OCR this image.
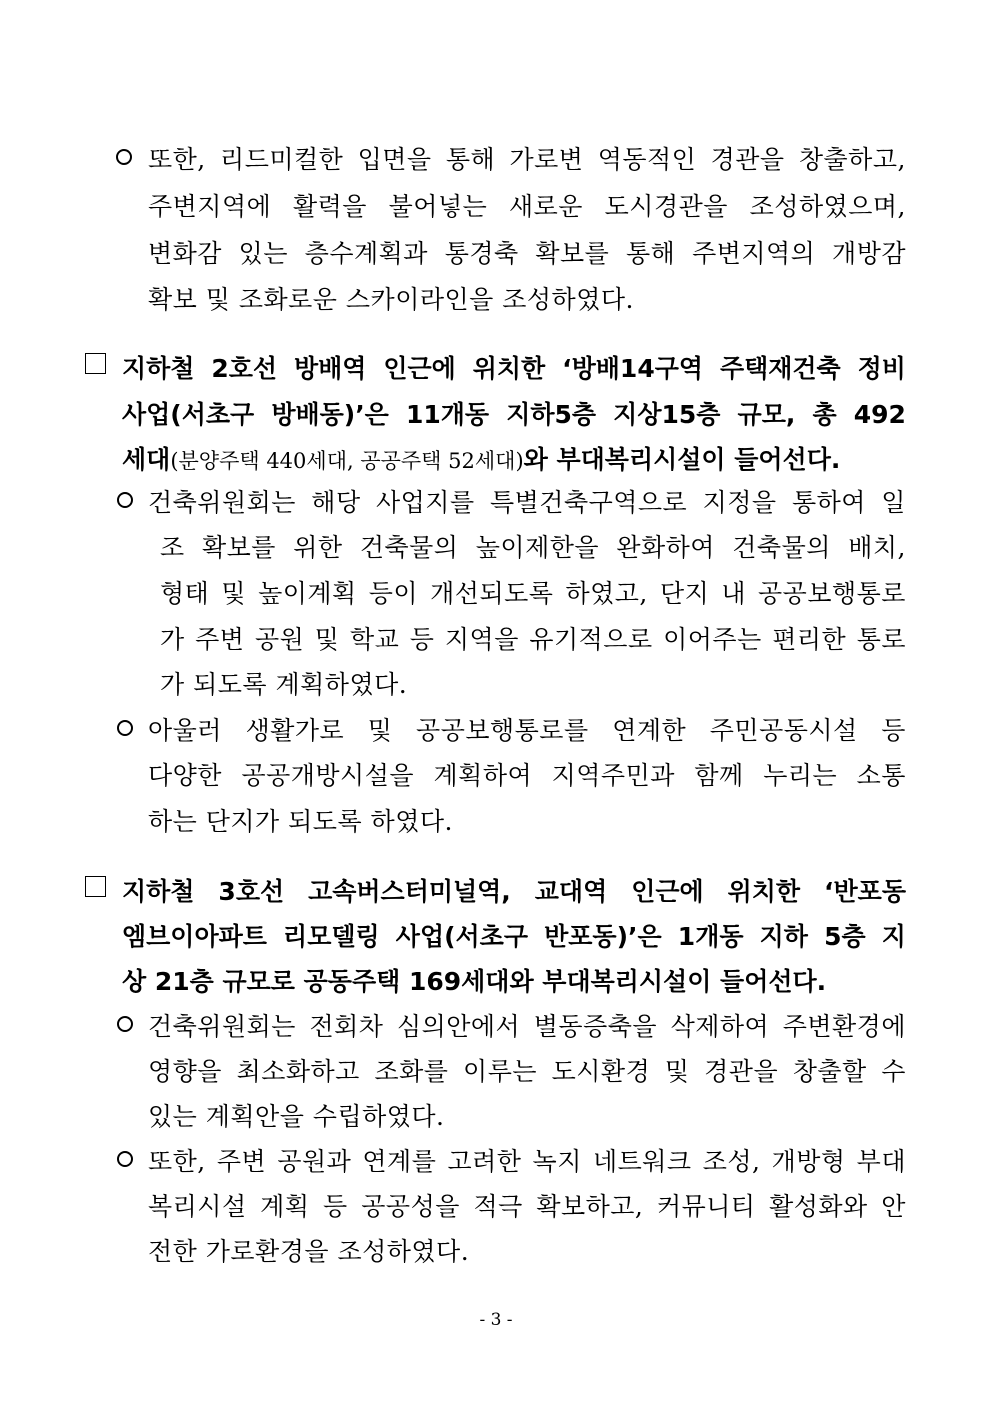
또한, 리드미컬한 입면을 통해 가로변 역동적인 경관을 창출하고,
주변지역에 활력을 불어넣는 새로운 도시경관을 조성하였으며,
변화감 있는 층수계획과 통경축 확보를 통해 주변지역의 개방감
확보 및 조화로운 스카이라인을 조성하였다.
지하철 2호선 방배역 인근에 위치한 ‘방배14구역 주택재건축 정비
사업(서초구 방배동)’은 11개동 지하5층 지상15층 규모, 총 492
세대(분양주택 440세대, 공공주택 52세대)와 부대복리시설이 들어선다.
건축위원회는 해당 사업지를 특별건축구역으로 지정을 통하여 일
조 확보를 위한 건축물의 높이제한을 완화하여 건축물의 배치,
형태 및 높이계획 등이 개선되도록 하였고, 단지 내 공공보행통로
가 주변 공원 및 학교 등 지역을 유기적으로 이어주는 편리한 통로
가 되도록 계획하였다.
아울러 생활가로 및 공공보행통로를 연계한 주민공동시설 등
다양한 공공개방시설을 계획하여 지역주민과 함께 누리는 소통
하는 단지가 되도록 하였다.
지하철 3호선 고속버스터미널역, 교대역 인근에 위치한 ‘반포동
엠브이아파트 리모델링 사업(서초구 반포동)’은 1개동 지하 5층 지
상 21층 규모로 공동주택 169세대와 부대복리시설이 들어선다.
건축위원회는 전회차 심의안에서 별동증축을 삭제하여 주변환경에
영향을 최소화하고 조화를 이루는 도시환경 및 경관을 창출할 수
있는 계획안을 수립하였다.
또한, 주변 공원과 연계를 고려한 녹지 네트워크 조성, 개방형 부대
복리시설 계획 등 공공성을 적극 확보하고, 커뮤니티 활성화와 안
전한 가로환경을 조성하였다.
- 3 -
